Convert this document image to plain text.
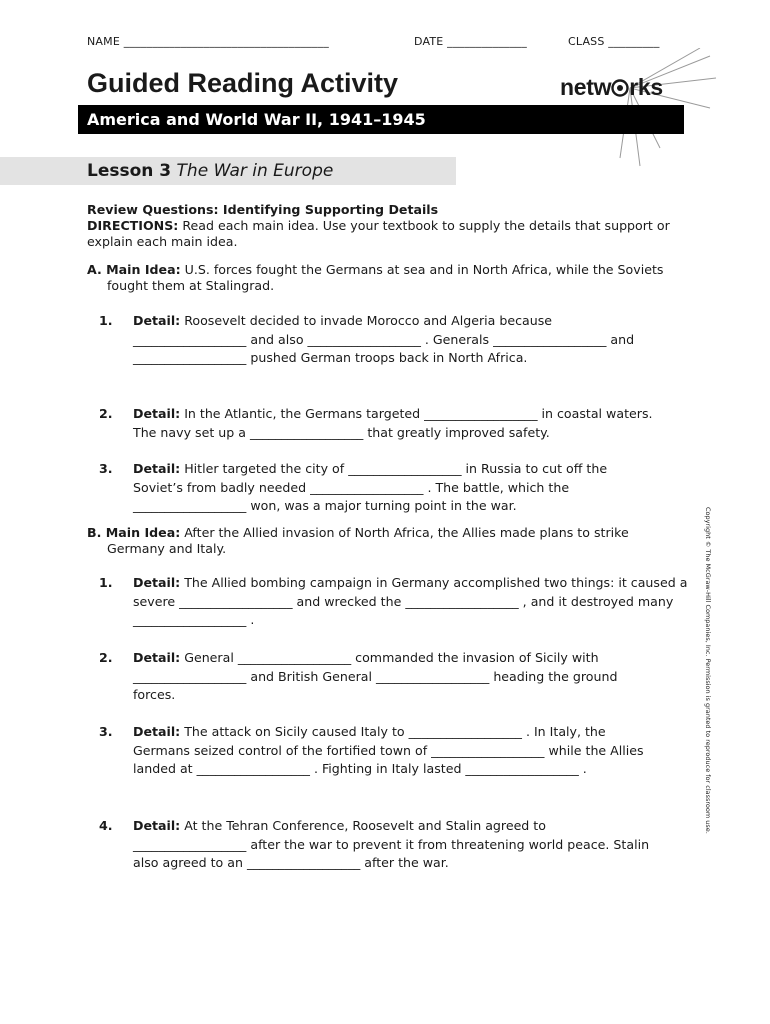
NAME ____________________________________	DATE ______________	CLASS _________
Guided Reading Activity	netw rks
America and World War II, 1941–1945
Lesson 3 The War in Europe
Review Questions: Identifying Supporting Details
DIRECTIONS: Read each main idea. Use your textbook to supply the details that support or explain each main idea.
A. Main Idea: U.S. forces fought the Germans at sea and in North Africa, while the Soviets fought them at Stalingrad.
1. Detail: Roosevelt decided to invade Morocco and Algeria because __________________ and also __________________ . Generals __________________ and __________________ pushed German troops back in North Africa.
2. Detail: In the Atlantic, the Germans targeted __________________ in coastal waters. The navy set up a __________________ that greatly improved safety.
3. Detail: Hitler targeted the city of __________________ in Russia to cut off the Soviet’s from badly needed __________________ . The battle, which the __________________ won, was a major turning point in the war.
B. Main Idea: After the Allied invasion of North Africa, the Allies made plans to strike Germany and Italy.
1. Detail: The Allied bombing campaign in Germany accomplished two things: it caused a severe __________________ and wrecked the __________________ , and it destroyed many __________________ .
2. Detail: General __________________ commanded the invasion of Sicily with __________________ and British General __________________ heading the ground forces.
3. Detail: The attack on Sicily caused Italy to __________________ . In Italy, the Germans seized control of the fortified town of __________________ while the Allies landed at __________________ . Fighting in Italy lasted __________________ .
4. Detail: At the Tehran Conference, Roosevelt and Stalin agreed to __________________ after the war to prevent it from threatening world peace. Stalin also agreed to an __________________ after the war.
Copyright © The McGraw-Hill Companies, Inc. Permission is granted to reproduce for classroom use.
